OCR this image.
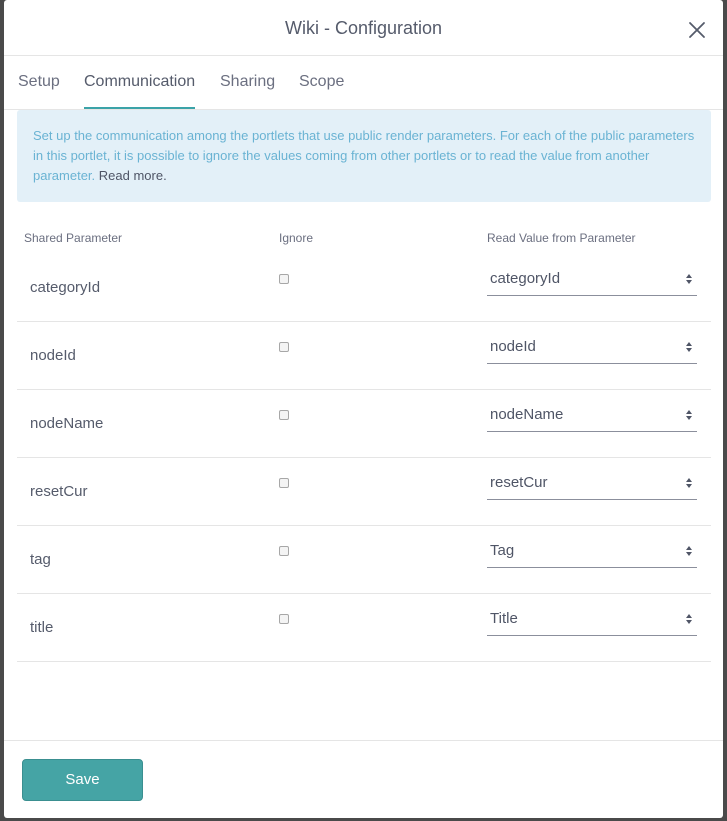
Wiki - Configuration
Setup Communication Sharing Scope
Set up the communication among the portlets that use public render parameters. For each of the public parameters in this portlet, it is possible to ignore the values coming from other portlets or to read the value from another parameter. Read more.
Shared Parameter	Ignore	Read Value from Parameter
categoryId
categoryId
nodeId
nodeId
nodeName
nodeName
resetCur
resetCur
tag
Tag
title
Title
Save
